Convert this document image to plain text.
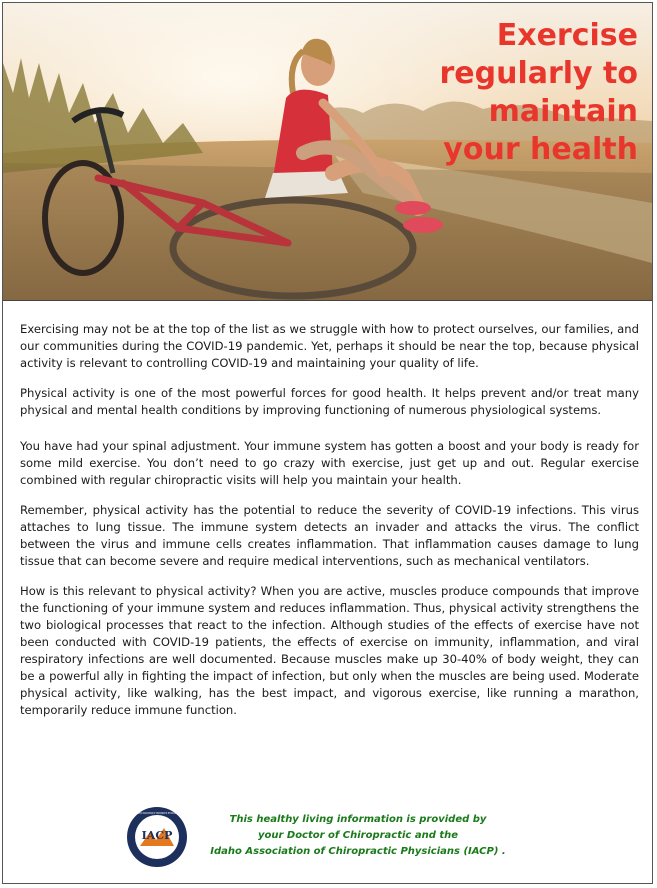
Exercise
regularly to
maintain
your health

Exercising may not be at the top of the list as we struggle with how to protect ourselves, our families, and our communities during the COVID-19 pandemic. Yet, perhaps it should be near the top, because physical activity is relevant to controlling COVID-19 and maintaining your quality of life.

Physical activity is one of the most powerful forces for good health. It helps prevent and/or treat many physical and mental health conditions by improving functioning of numerous physiological systems.

You have had your spinal adjustment. Your immune system has gotten a boost and your body is ready for some mild exercise. You don’t need to go crazy with exercise, just get up and out. Regular exercise combined with regular chiropractic visits will help you maintain your health.

Remember, physical activity has the potential to reduce the severity of COVID-19 infections. This virus attaches to lung tissue. The immune system detects an invader and attacks the virus. The conflict between the virus and immune cells creates inflammation. That inflammation causes damage to lung tissue that can become severe and require medical interventions, such as mechanical ventilators.

How is this relevant to physical activity? When you are active, muscles produce compounds that improve the functioning of your immune system and reduces inflammation. Thus, physical activity strengthens the two biological processes that react to the infection. Although studies of the effects of exercise have not been conducted with COVID-19 patients, the effects of exercise on immunity, inflammation, and viral respiratory infections are well documented. Because muscles make up 30-40% of body weight, they can be a powerful ally in fighting the impact of infection, but only when the muscles are being used. Moderate physical activity, like walking, has the best impact, and vigorous exercise, like running a marathon, temporarily reduce immune function.

IACP
IDAHO ASSOCIATION OF CHIROPRACTIC PHYSICIANS
This healthy living information is provided by
your Doctor of Chiropractic and the
Idaho Association of Chiropractic Physicians (IACP) .
